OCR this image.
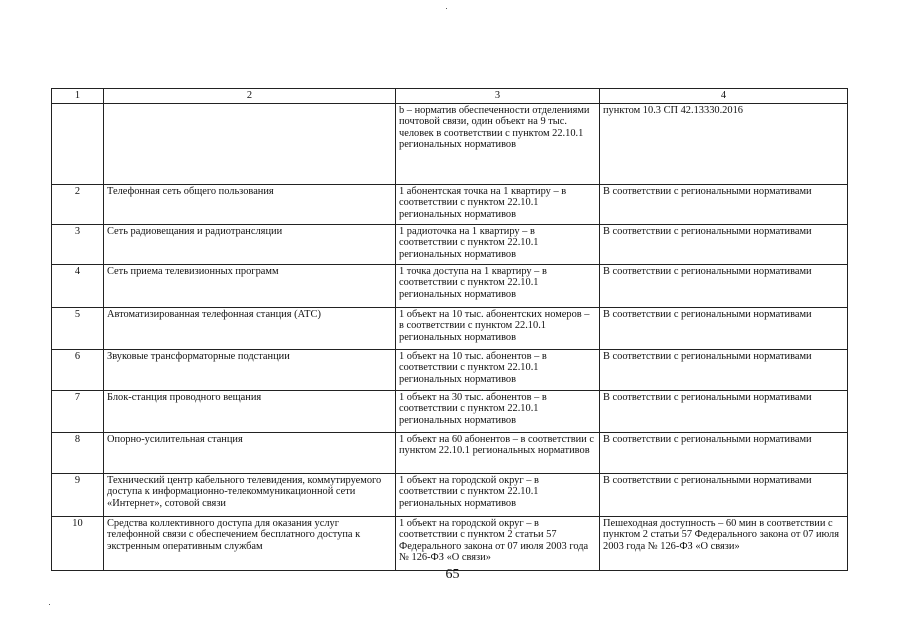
1	2	3	4
		b – норматив обеспеченности отделениями почтовой связи, один объект на 9 тыс. человек в соответствии с пунктом 22.10.1 региональных нормативов	пунктом 10.3 СП 42.13330.2016
2	Телефонная сеть общего пользования	1 абонентская точка на 1 квартиру – в соответствии с пунктом 22.10.1 региональных нормативов	В соответствии с региональными нормативами
3	Сеть радиовещания и радиотрансляции	1 радиоточка на 1 квартиру – в соответствии с пунктом 22.10.1 региональных нормативов	В соответствии с региональными нормативами
4	Сеть приема телевизионных программ	1 точка доступа на 1 квартиру – в соответствии с пунктом 22.10.1 региональных нормативов	В соответствии с региональными нормативами
5	Автоматизированная телефонная станция (АТС)	1 объект на 10 тыс. абонентских номеров – в соответствии с пунктом 22.10.1 региональных нормативов	В соответствии с региональными нормативами
6	Звуковые трансформаторные подстанции	1 объект на 10 тыс. абонентов – в соответствии с пунктом 22.10.1 региональных нормативов	В соответствии с региональными нормативами
7	Блок-станция проводного вещания	1 объект на 30 тыс. абонентов – в соответствии с пунктом 22.10.1 региональных нормативов	В соответствии с региональными нормативами
8	Опорно-усилительная станция	1 объект на 60 абонентов – в соответствии с пунктом 22.10.1 региональных нормативов	В соответствии с региональными нормативами
9	Технический центр кабельного телевидения, коммутируемого доступа к информационно-телекоммуникационной сети «Интернет», сотовой связи	1 объект на городской округ – в соответствии с пунктом 22.10.1 региональных нормативов	В соответствии с региональными нормативами
10	Средства коллективного доступа для оказания услуг телефонной связи с обеспечением бесплатного доступа к экстренным оперативным службам	1 объект на городской округ – в соответствии с пунктом 2 статьи 57 Федерального закона от 07 июля 2003 года № 126-ФЗ «О связи»	Пешеходная доступность – 60 мин в соответствии с пунктом 2 статьи 57 Федерального закона от 07 июля 2003 года № 126-ФЗ «О связи»
65
